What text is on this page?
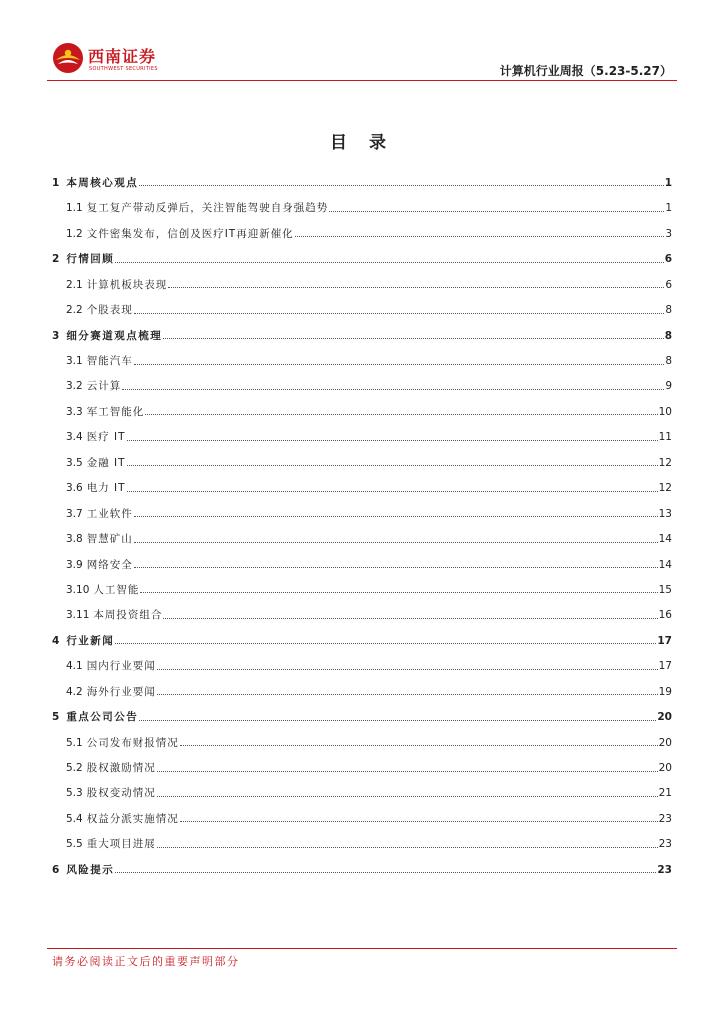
西南证券
SOUTHWEST SECURITIES	计算机行业周报（5.23-5.27）
目 录
1 本周核心观点	1
1.1 复工复产带动反弹后，关注智能驾驶自身强趋势	1
1.2 文件密集发布，信创及医疗IT再迎新催化	3
2 行情回顾	6
2.1 计算机板块表现	6
2.2 个股表现	8
3 细分赛道观点梳理	8
3.1 智能汽车	8
3.2 云计算	9
3.3 军工智能化	10
3.4 医疗 IT	11
3.5 金融 IT	12
3.6 电力 IT	12
3.7 工业软件	13
3.8 智慧矿山	14
3.9 网络安全	14
3.10 人工智能	15
3.11 本周投资组合	16
4 行业新闻	17
4.1 国内行业要闻	17
4.2 海外行业要闻	19
5 重点公司公告	20
5.1 公司发布财报情况	20
5.2 股权激励情况	20
5.3 股权变动情况	21
5.4 权益分派实施情况	23
5.5 重大项目进展	23
6 风险提示	23
请务必阅读正文后的重要声明部分
